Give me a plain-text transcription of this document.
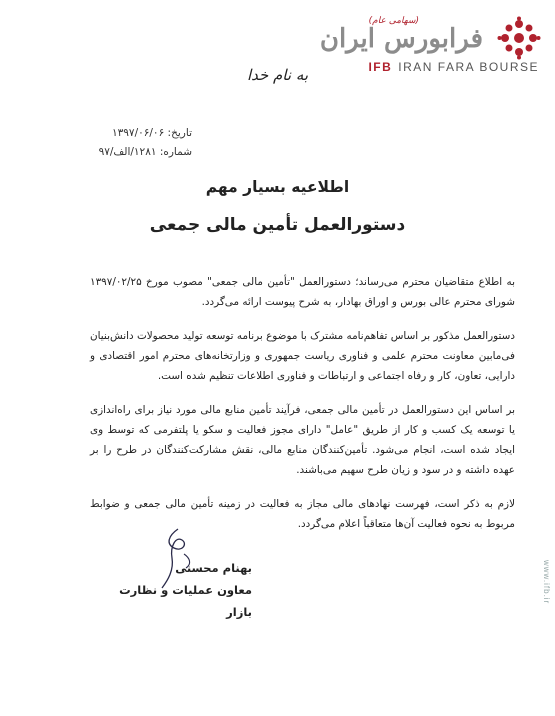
(سهامی عام)
فرابورس ایران
IFB IRAN FARA BOURSE
www.ifb.ir
به نام خدا
تاریخ: ۱۳۹۷/۰۶/۰۶
شماره: ۱۲۸۱/الف/۹۷
اطلاعیه بسیار مهم
دستورالعمل تأمین مالی جمعی

به اطلاع متقاضیان محترم می‌رساند؛ دستورالعمل "تأمین مالی جمعی" مصوب مورخ ۱۳۹۷/۰۲/۲۵ شورای محترم عالی بورس و اوراق بهادار، به شرح پیوست ارائه می‌گردد.

دستورالعمل مذکور بر اساس تفاهم‌نامه مشترک با موضوع برنامه توسعه تولید محصولات دانش‌بنیان فی‌مابین معاونت محترم علمی و فناوری ریاست جمهوری و وزارتخانه‌های محترم امور اقتصادی و دارایی، تعاون، کار و رفاه اجتماعی و ارتباطات و فناوری اطلاعات تنظیم شده است.

بر اساس این دستورالعمل در تأمین مالی جمعی، فرآیند تأمین منابع مالی مورد نیاز برای راه‌اندازی یا توسعه یک کسب و کار از طریق "عامل" دارای مجوز فعالیت و سکو یا پلتفرمی که توسط وی ایجاد شده است، انجام می‌شود. تأمین‌کنندگان منابع مالی، نقش مشارکت‌کنندگان در طرح را بر عهده داشته و در سود و زیان طرح سهیم می‌باشند.

لازم به ذکر است، فهرست نهادهای مالی مجاز به فعالیت در زمینه تأمین مالی جمعی و ضوابط مربوط به نحوه فعالیت آن‌ها متعاقباً اعلام می‌گردد.

بهنام محسنی
معاون عملیات و نظارت بازار
